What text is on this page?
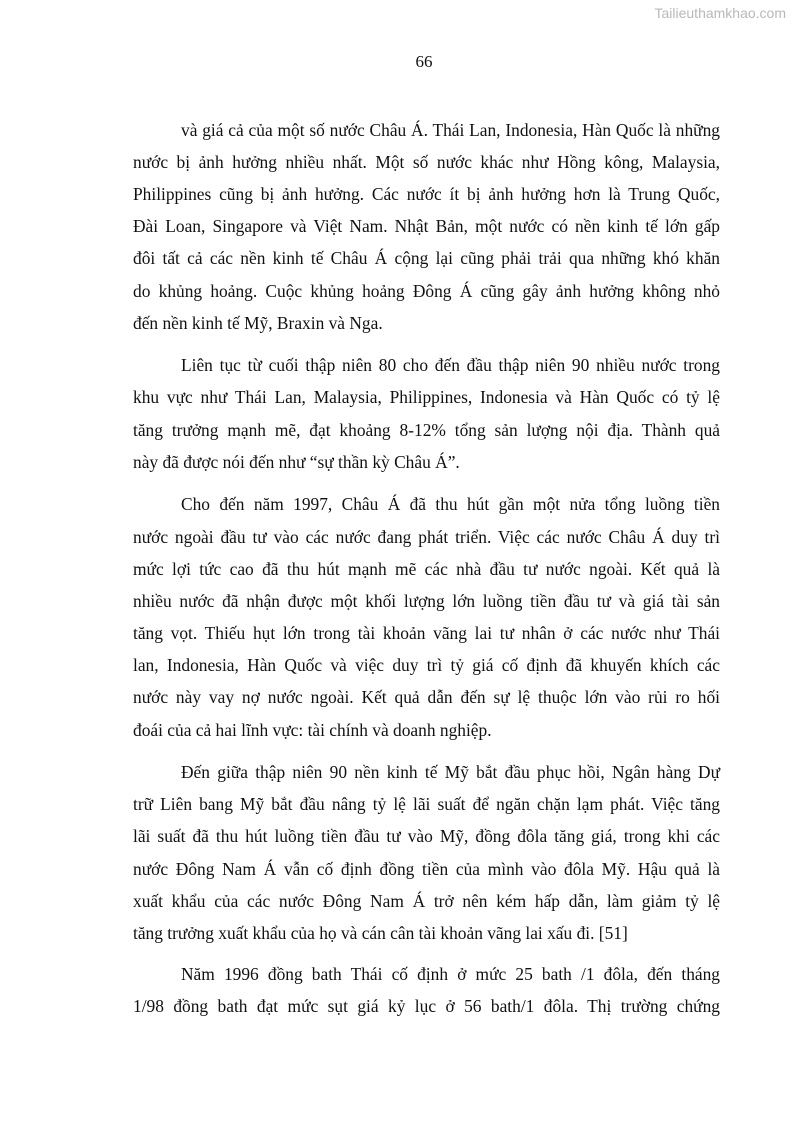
Tailieuthamkhao.com
66
và giá cả của một số nước Châu Á. Thái Lan, Indonesia, Hàn Quốc là những
nước bị ảnh hưởng nhiều nhất. Một số nước khác như Hồng kông, Malaysia,
Philippines cũng bị ảnh hưởng. Các nước ít bị ảnh hưởng hơn là Trung Quốc,
Đài Loan, Singapore và Việt Nam. Nhật Bản, một nước có nền kinh tế lớn gấp
đôi tất cả các nền kinh tế Châu Á cộng lại cũng phải trải qua những khó khăn
do khủng hoảng. Cuộc khủng hoảng Đông Á cũng gây ảnh hưởng không nhỏ
đến nền kinh tế Mỹ, Braxin và Nga.
Liên tục từ cuối thập niên 80 cho đến đầu thập niên 90 nhiều nước trong
khu vực như Thái Lan, Malaysia, Philippines, Indonesia và Hàn Quốc có tỷ lệ
tăng trưởng mạnh mẽ, đạt khoảng 8-12% tổng sản lượng nội địa. Thành quả
này đã được nói đến như “sự thần kỳ Châu Á”.
Cho đến năm 1997, Châu Á đã thu hút gần một nửa tổng luồng tiền
nước ngoài đầu tư vào các nước đang phát triển. Việc các nước Châu Á duy trì
mức lợi tức cao đã thu hút mạnh mẽ các nhà đầu tư nước ngoài. Kết quả là
nhiều nước đã nhận được một khối lượng lớn luồng tiền đầu tư và giá tài sản
tăng vọt. Thiếu hụt lớn trong tài khoản vãng lai tư nhân ở các nước như Thái
lan, Indonesia, Hàn Quốc và việc duy trì tỷ giá cố định đã khuyến khích các
nước này vay nợ nước ngoài. Kết quả dẫn đến sự lệ thuộc lớn vào rủi ro hối
đoái của cả hai lĩnh vực: tài chính và doanh nghiệp.
Đến giữa thập niên 90 nền kinh tế Mỹ bắt đầu phục hồi, Ngân hàng Dự
trữ Liên bang Mỹ bắt đầu nâng tỷ lệ lãi suất để ngăn chặn lạm phát. Việc tăng
lãi suất đã thu hút luồng tiền đầu tư vào Mỹ, đồng đôla tăng giá, trong khi các
nước Đông Nam Á vẫn cố định đồng tiền của mình vào đôla Mỹ. Hậu quả là
xuất khẩu của các nước Đông Nam Á trở nên kém hấp dẫn, làm giảm tỷ lệ
tăng trưởng xuất khẩu của họ và cán cân tài khoản vãng lai xấu đi. [51]
Năm 1996 đồng bath Thái cố định ở mức 25 bath /1 đôla, đến tháng
1/98 đồng bath đạt mức sụt giá kỷ lục ở 56 bath/1 đôla. Thị trường chứng
